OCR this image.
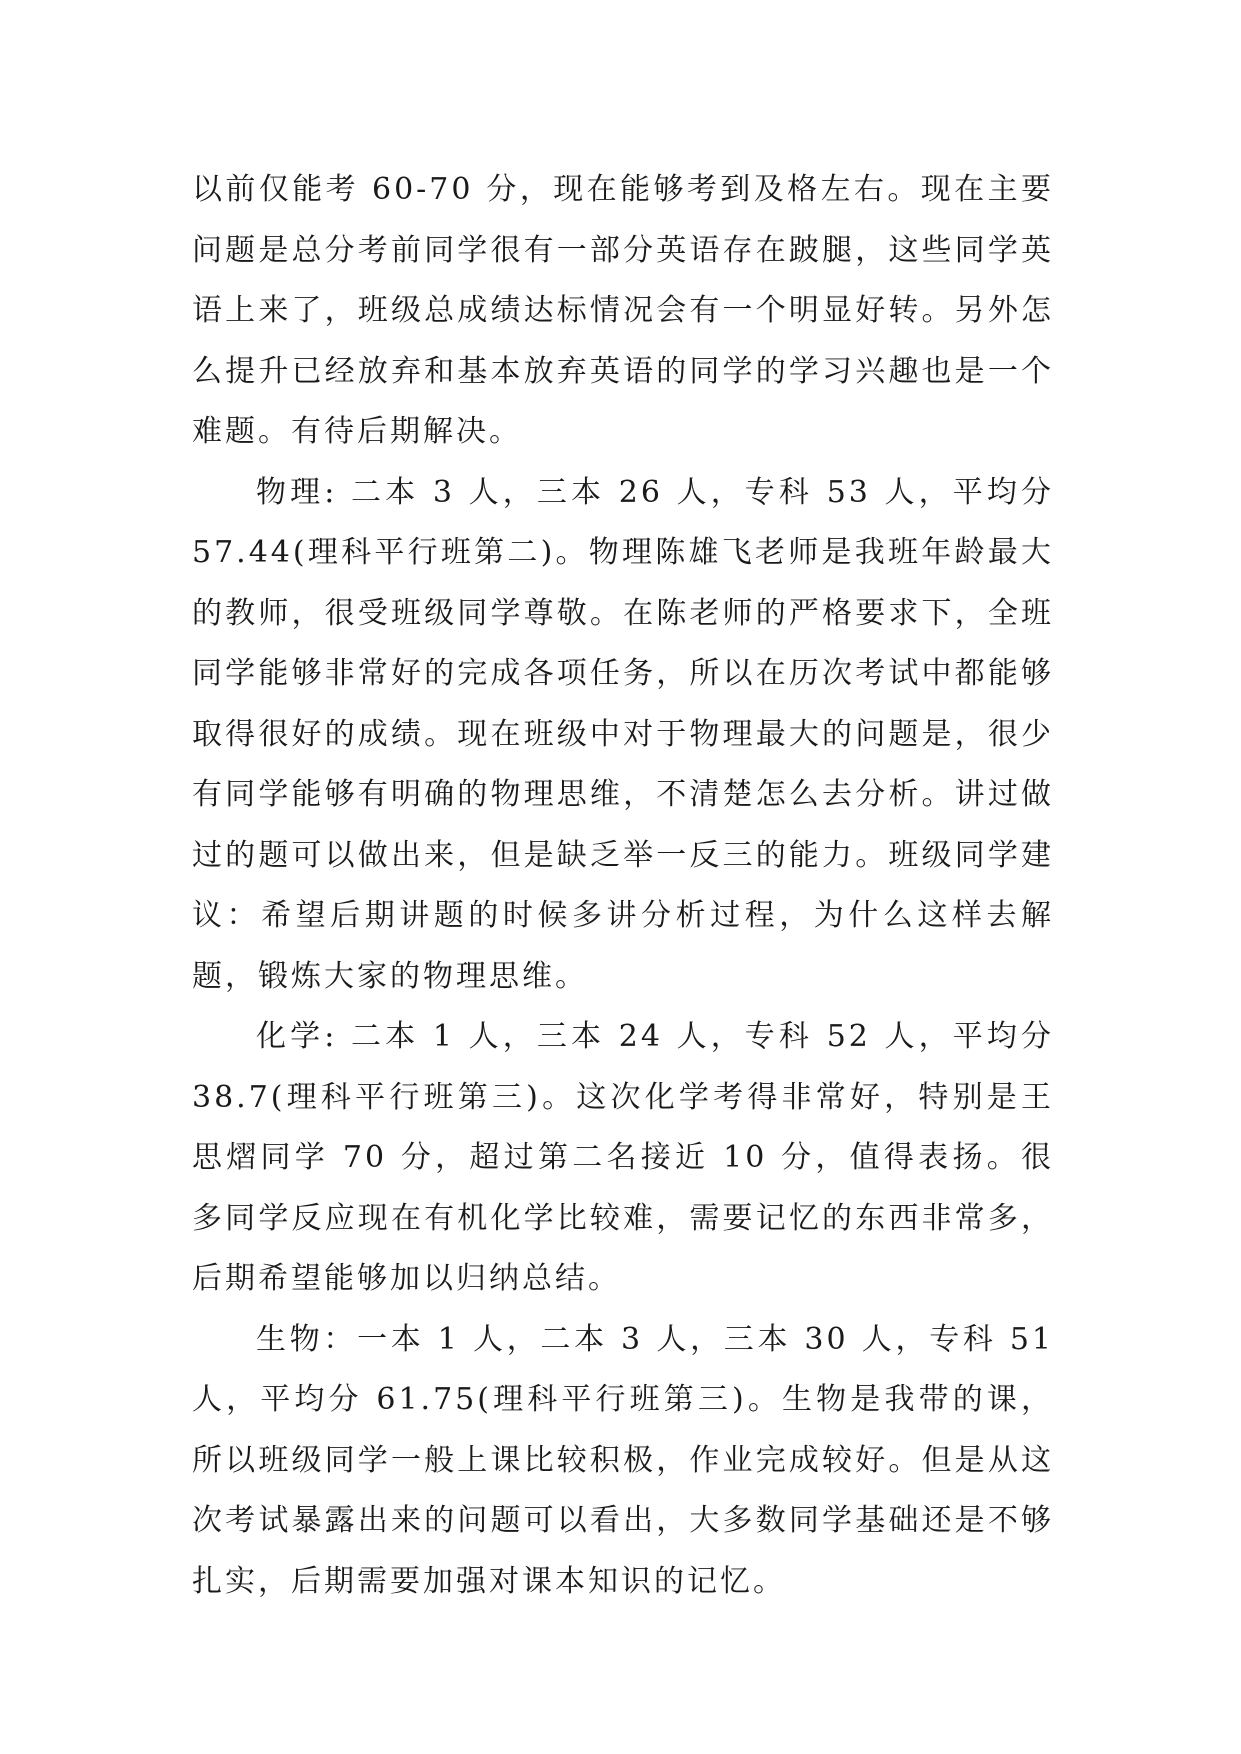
以前仅能考 60-70 分，现在能够考到及格左右。现在主要问题是总分考前同学很有一部分英语存在跛腿，这些同学英语上来了，班级总成绩达标情况会有一个明显好转。另外怎么提升已经放弃和基本放弃英语的同学的学习兴趣也是一个难题。有待后期解决。

物理: 二本 3 人，三本 26 人，专科 53 人，平均分 57.44(理科平行班第二)。物理陈雄飞老师是我班年龄最大的教师，很受班级同学尊敬。在陈老师的严格要求下，全班同学能够非常好的完成各项任务，所以在历次考试中都能够取得很好的成绩。现在班级中对于物理最大的问题是，很少有同学能够有明确的物理思维，不清楚怎么去分析。讲过做过的题可以做出来，但是缺乏举一反三的能力。班级同学建议：希望后期讲题的时候多讲分析过程，为什么这样去解题，锻炼大家的物理思维。

化学: 二本 1 人，三本 24 人，专科 52 人，平均分 38.7(理科平行班第三)。这次化学考得非常好，特别是王思熠同学 70 分，超过第二名接近 10 分，值得表扬。很多同学反应现在有机化学比较难，需要记忆的东西非常多，后期希望能够加以归纳总结。

生物：一本 1 人，二本 3 人，三本 30 人，专科 51 人，平均分 61.75(理科平行班第三)。生物是我带的课，所以班级同学一般上课比较积极，作业完成较好。但是从这次考试暴露出来的问题可以看出，大多数同学基础还是不够扎实，后期需要加强对课本知识的记忆。
